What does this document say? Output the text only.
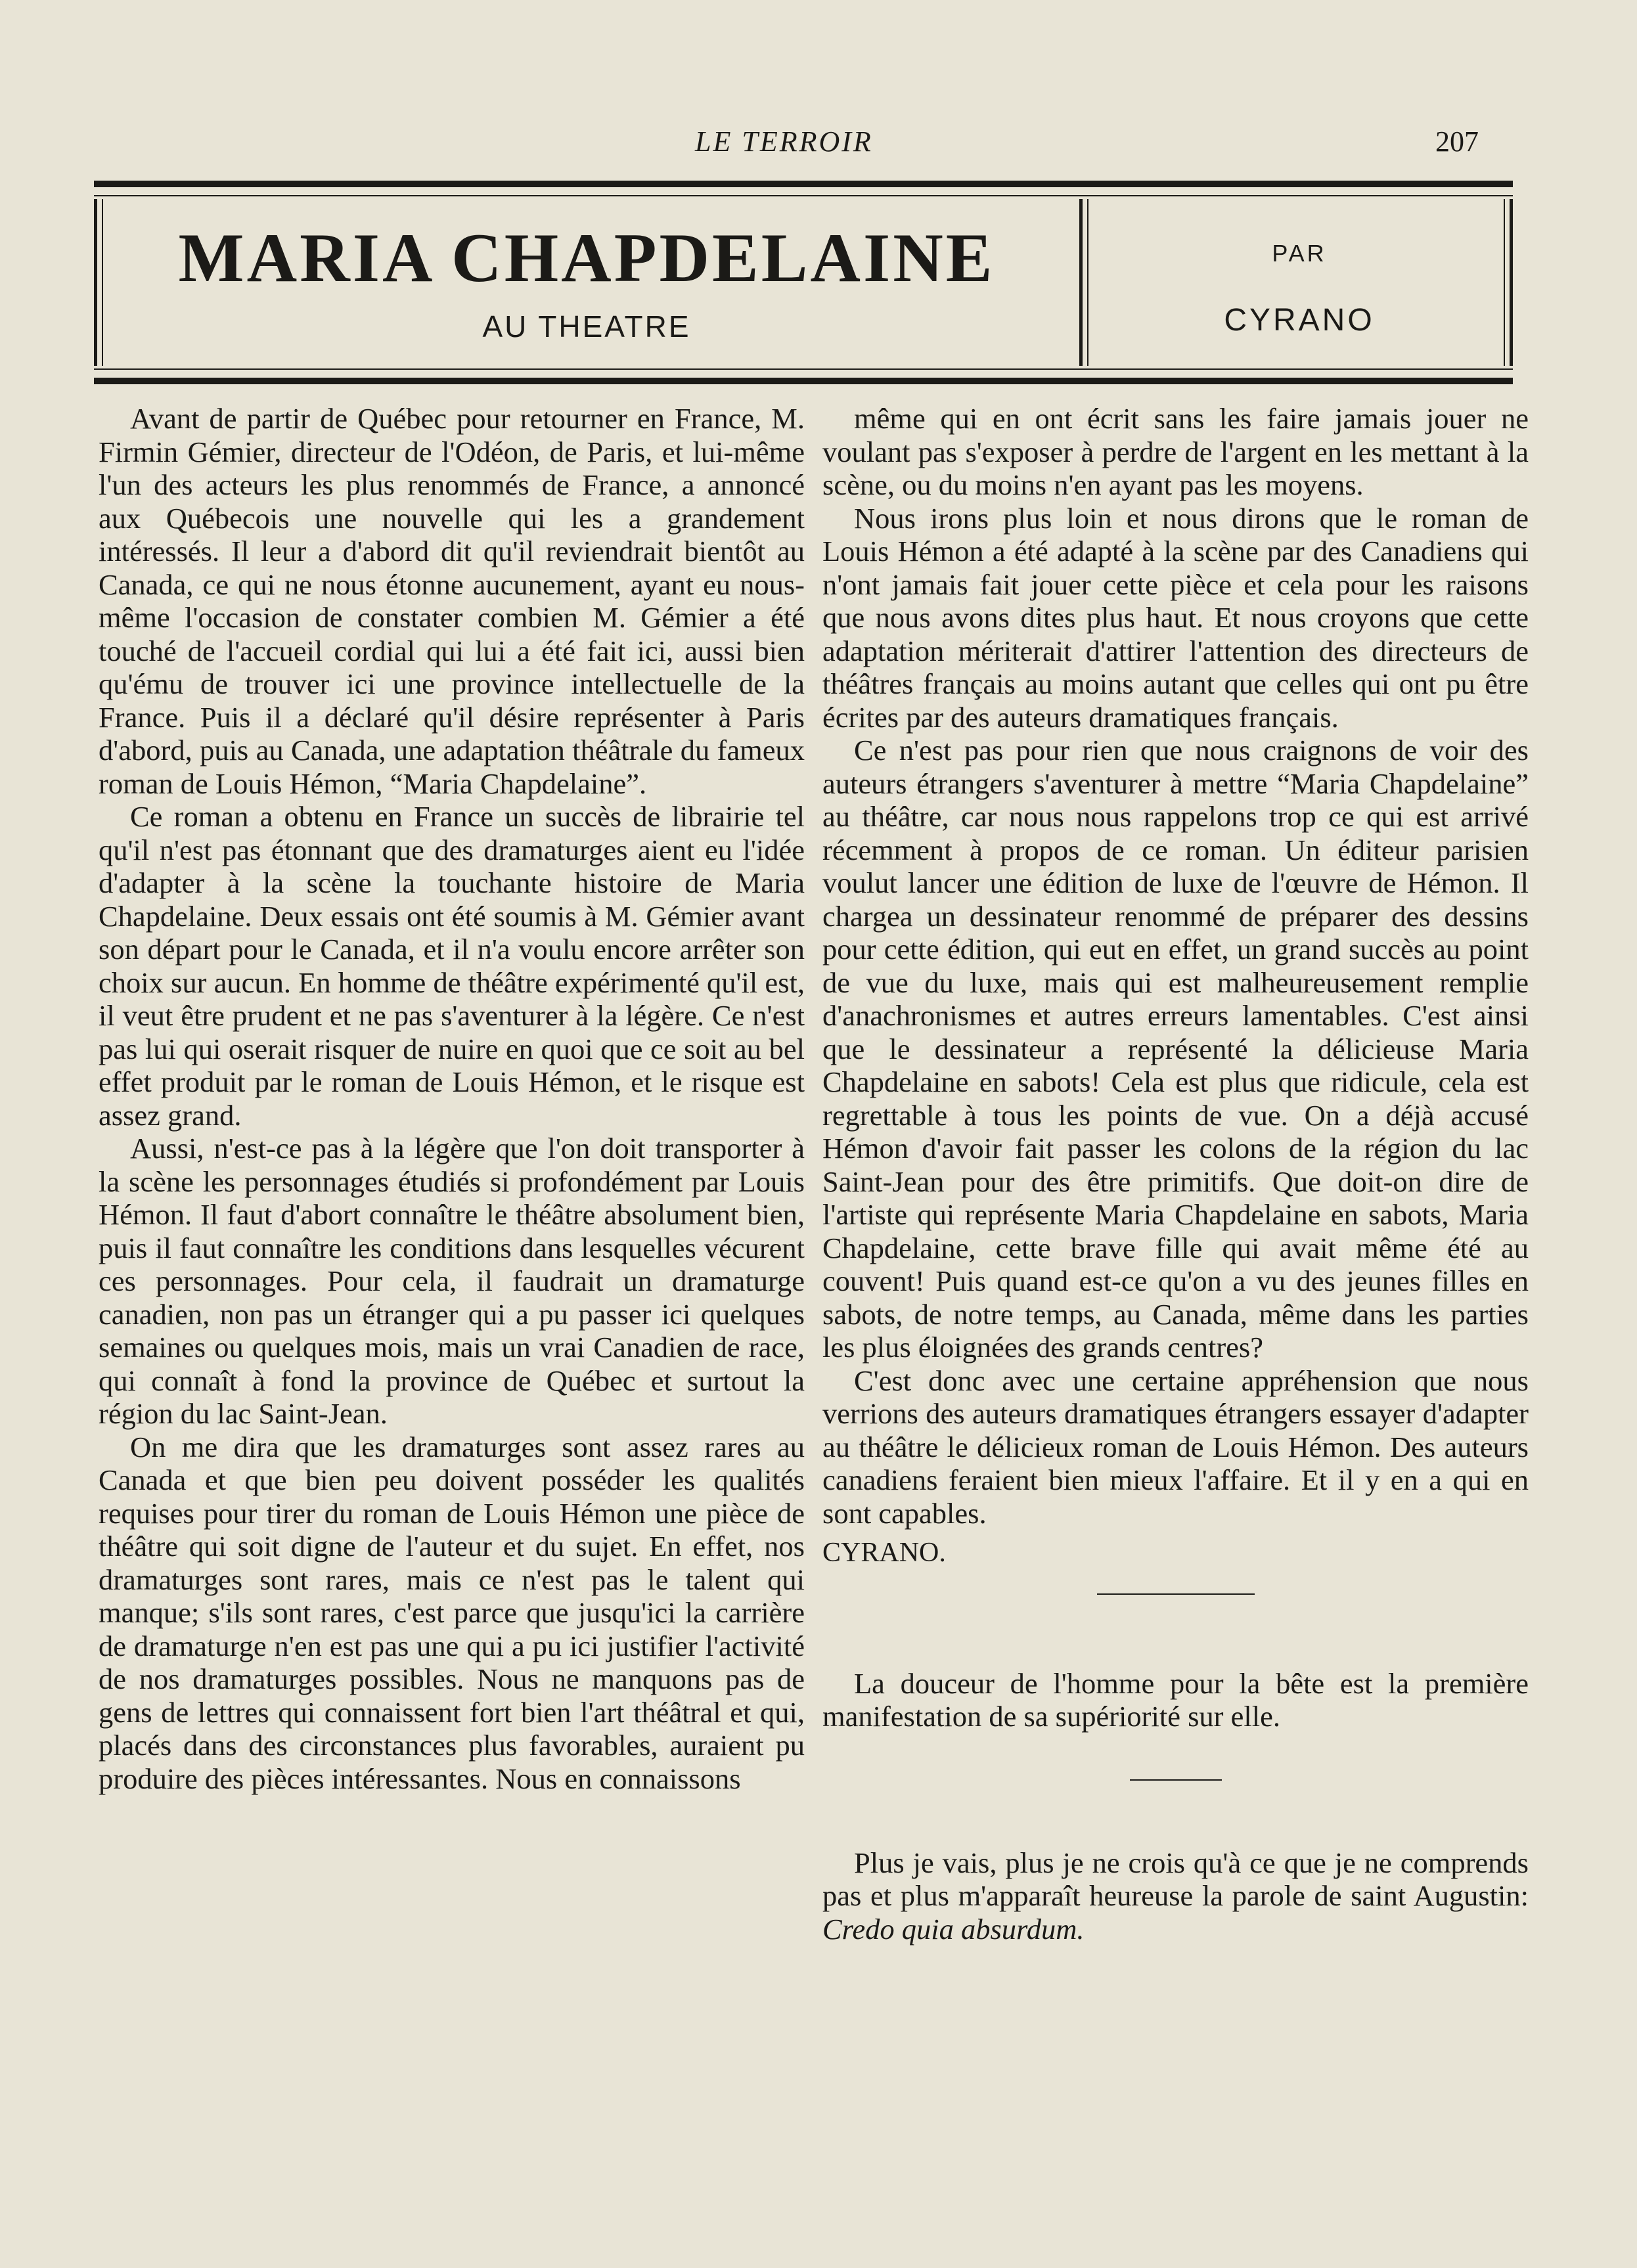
LE TERROIR	207
MARIA CHAPDELAINE
AU THEATRE
PAR
CYRANO

Avant de partir de Québec pour retourner en France, M. Firmin Gémier, directeur de l'Odéon, de Paris, et lui-même l'un des acteurs les plus renommés de France, a annoncé aux Québecois une nouvelle qui les a grandement intéressés. Il leur a d'abord dit qu'il reviendrait bientôt au Canada, ce qui ne nous étonne aucunement, ayant eu nous-même l'occasion de constater combien M. Gémier a été touché de l'accueil cordial qui lui a été fait ici, aussi bien qu'ému de trouver ici une province intellectuelle de la France. Puis il a déclaré qu'il désire représenter à Paris d'abord, puis au Canada, une adaptation théâtrale du fameux roman de Louis Hémon, “Maria Chapdelaine”.

Ce roman a obtenu en France un succès de librairie tel qu'il n'est pas étonnant que des dramaturges aient eu l'idée d'adapter à la scène la touchante histoire de Maria Chapdelaine. Deux essais ont été soumis à M. Gémier avant son départ pour le Canada, et il n'a voulu encore arrêter son choix sur aucun. En homme de théâtre expérimenté qu'il est, il veut être prudent et ne pas s'aventurer à la légère. Ce n'est pas lui qui oserait risquer de nuire en quoi que ce soit au bel effet produit par le roman de Louis Hémon, et le risque est assez grand.

Aussi, n'est-ce pas à la légère que l'on doit transporter à la scène les personnages étudiés si profondément par Louis Hémon. Il faut d'abort connaître le théâtre absolument bien, puis il faut connaître les conditions dans lesquelles vécurent ces personnages. Pour cela, il faudrait un dramaturge canadien, non pas un étranger qui a pu passer ici quelques semaines ou quelques mois, mais un vrai Canadien de race, qui connaît à fond la province de Québec et surtout la région du lac Saint-Jean.

On me dira que les dramaturges sont assez rares au Canada et que bien peu doivent posséder les qualités requises pour tirer du roman de Louis Hémon une pièce de théâtre qui soit digne de l'auteur et du sujet. En effet, nos dramaturges sont rares, mais ce n'est pas le talent qui manque; s'ils sont rares, c'est parce que jusqu'ici la carrière de dramaturge n'en est pas une qui a pu ici justifier l'activité de nos dramaturges possibles. Nous ne manquons pas de gens de lettres qui connaissent fort bien l'art théâtral et qui, placés dans des circonstances plus favorables, auraient pu produire des pièces intéressantes. Nous en connaissons

même qui en ont écrit sans les faire jamais jouer ne voulant pas s'exposer à perdre de l'argent en les mettant à la scène, ou du moins n'en ayant pas les moyens.

Nous irons plus loin et nous dirons que le roman de Louis Hémon a été adapté à la scène par des Canadiens qui n'ont jamais fait jouer cette pièce et cela pour les raisons que nous avons dites plus haut. Et nous croyons que cette adaptation mériterait d'attirer l'attention des directeurs de théâtres français au moins autant que celles qui ont pu être écrites par des auteurs dramatiques français.

Ce n'est pas pour rien que nous craignons de voir des auteurs étrangers s'aventurer à mettre “Maria Chapdelaine” au théâtre, car nous nous rappelons trop ce qui est arrivé récemment à propos de ce roman. Un éditeur parisien voulut lancer une édition de luxe de l'œuvre de Hémon. Il chargea un dessinateur renommé de préparer des dessins pour cette édition, qui eut en effet, un grand succès au point de vue du luxe, mais qui est malheureusement remplie d'anachronismes et autres erreurs lamentables. C'est ainsi que le dessinateur a représenté la délicieuse Maria Chapdelaine en sabots! Cela est plus que ridicule, cela est regrettable à tous les points de vue. On a déjà accusé Hémon d'avoir fait passer les colons de la région du lac Saint-Jean pour des être primitifs. Que doit-on dire de l'artiste qui représente Maria Chapdelaine en sabots, Maria Chapdelaine, cette brave fille qui avait même été au couvent! Puis quand est-ce qu'on a vu des jeunes filles en sabots, de notre temps, au Canada, même dans les parties les plus éloignées des grands centres?

C'est donc avec une certaine appréhension que nous verrions des auteurs dramatiques étrangers essayer d'adapter au théâtre le délicieux roman de Louis Hémon. Des auteurs canadiens feraient bien mieux l'affaire. Et il y en a qui en sont capables.

CYRANO.

La douceur de l'homme pour la bête est la première manifestation de sa supériorité sur elle.

Plus je vais, plus je ne crois qu'à ce que je ne comprends pas et plus m'apparaît heureuse la parole de saint Augustin: Credo quia absurdum.
